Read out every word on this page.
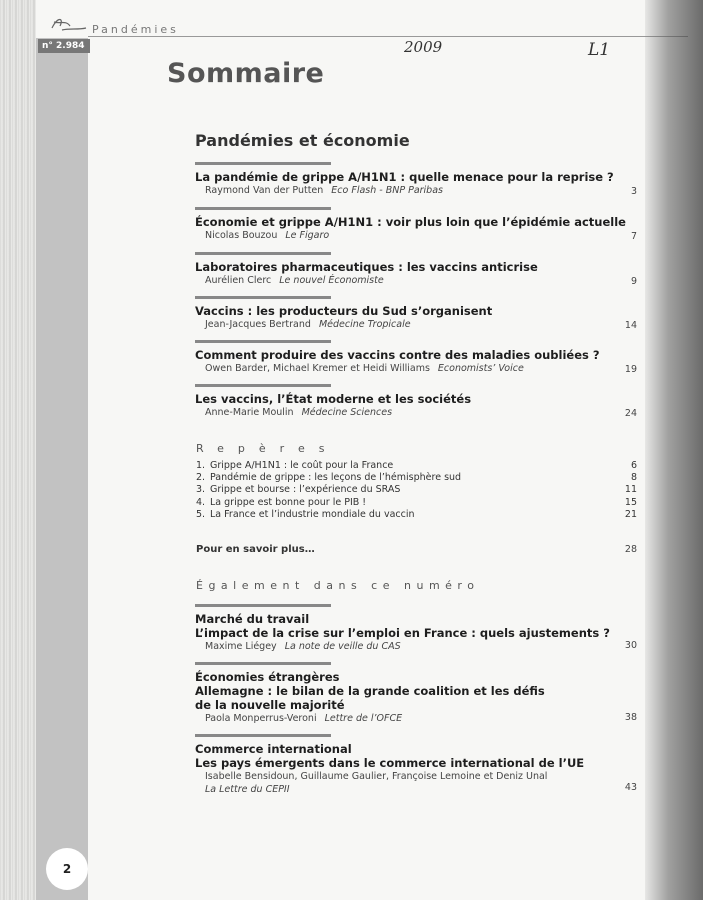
n° 2.984
Pandémies
2009	L1
Sommaire
Pandémies et économie
La pandémie de grippe A/H1N1 : quelle menace pour la reprise ?
Raymond Van der Putten Eco Flash - BNP Paribas	3
Économie et grippe A/H1N1 : voir plus loin que l’épidémie actuelle
Nicolas Bouzou Le Figaro	7
Laboratoires pharmaceutiques : les vaccins anticrise
Aurélien Clerc Le nouvel Économiste	9
Vaccins : les producteurs du Sud s’organisent
Jean-Jacques Bertrand Médecine Tropicale	14
Comment produire des vaccins contre des maladies oubliées ?
Owen Barder, Michael Kremer et Heidi Williams Economists’ Voice	19
Les vaccins, l’État moderne et les sociétés
Anne-Marie Moulin Médecine Sciences	24
Repères
1. Grippe A/H1N1 : le coût pour la France	6
2. Pandémie de grippe : les leçons de l’hémisphère sud	8
3. Grippe et bourse : l’expérience du SRAS	11
4. La grippe est bonne pour le PIB !	15
5. La France et l’industrie mondiale du vaccin	21
Pour en savoir plus…	28
Également dans ce numéro
Marché du travail
L’impact de la crise sur l’emploi en France : quels ajustements ?
Maxime Liégey La note de veille du CAS	30
Économies étrangères
Allemagne : le bilan de la grande coalition et les défis
de la nouvelle majorité
Paola Monperrus-Veroni Lettre de l’OFCE	38
Commerce international
Les pays émergents dans le commerce international de l’UE
Isabelle Bensidoun, Guillaume Gaulier, Françoise Lemoine et Deniz Unal
La Lettre du CEPII	43
2
